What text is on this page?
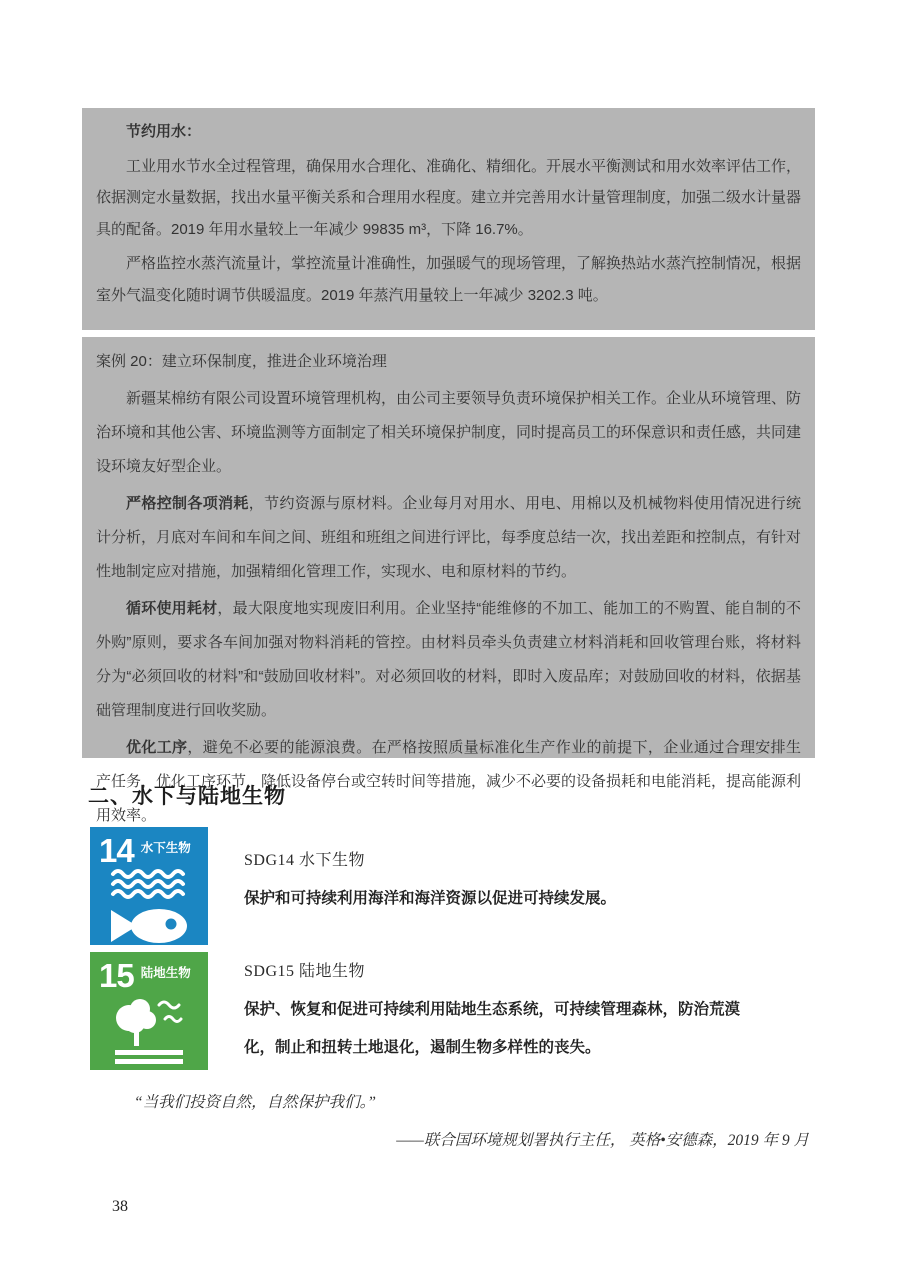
节约用水：

工业用水节水全过程管理，确保用水合理化、准确化、精细化。开展水平衡测试和用水效率评估工作，依据测定水量数据，找出水量平衡关系和合理用水程度。建立并完善用水计量管理制度，加强二级水计量器具的配备。2019 年用水量较上一年减少 99835 m³，下降 16.7%。

严格监控水蒸汽流量计，掌控流量计准确性，加强暖气的现场管理，了解换热站水蒸汽控制情况，根据室外气温变化随时调节供暖温度。2019 年蒸汽用量较上一年减少 3202.3 吨。

案例 20：建立环保制度，推进企业环境治理

新疆某棉纺有限公司设置环境管理机构，由公司主要领导负责环境保护相关工作。企业从环境管理、防治环境和其他公害、环境监测等方面制定了相关环境保护制度，同时提高员工的环保意识和责任感，共同建设环境友好型企业。

严格控制各项消耗，节约资源与原材料。企业每月对用水、用电、用棉以及机械物料使用情况进行统计分析，月底对车间和车间之间、班组和班组之间进行评比，每季度总结一次，找出差距和控制点，有针对性地制定应对措施，加强精细化管理工作，实现水、电和原材料的节约。

循环使用耗材，最大限度地实现废旧利用。企业坚持“能维修的不加工、能加工的不购置、能自制的不外购”原则，要求各车间加强对物料消耗的管控。由材料员牵头负责建立材料消耗和回收管理台账，将材料分为“必须回收的材料”和“鼓励回收材料”。对必须回收的材料，即时入废品库；对鼓励回收的材料，依据基础管理制度进行回收奖励。

优化工序，避免不必要的能源浪费。在严格按照质量标准化生产作业的前提下，企业通过合理安排生产任务，优化工序环节，降低设备停台或空转时间等措施，减少不必要的设备损耗和电能消耗，提高能源利用效率。

二、水下与陆地生物
14 水下生物

SDG14 水下生物

保护和可持续利用海洋和海洋资源以促进可持续发展。

15 陆地生物	SDG15 陆地生物

保护、恢复和促进可持续利用陆地生态系统，可持续管理森林，防治荒漠化，制止和扭转土地退化，遏制生物多样性的丧失。

“当我们投资自然，自然保护我们。”

——联合国环境规划署执行主任， 英格•安德森，2019 年 9 月

38
